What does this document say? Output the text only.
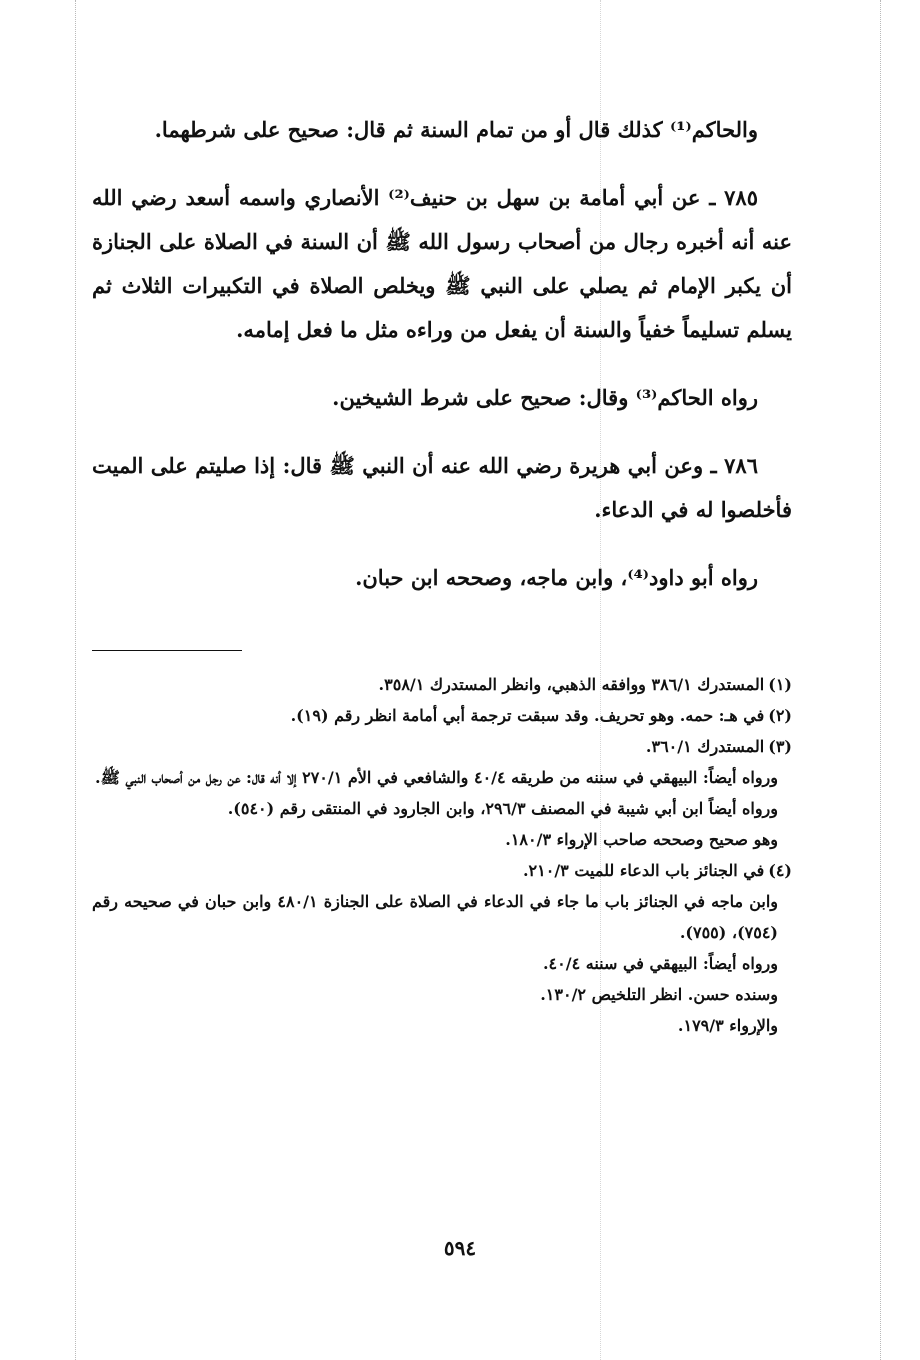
والحاكم⁽¹⁾ كذلك قال أو من تمام السنة ثم قال: صحيح على شرطهما.

٧٨٥ ـ عن أبي أمامة بن سهل بن حنيف⁽²⁾ الأنصاري واسمه أسعد رضي الله عنه أنه أخبره رجال من أصحاب رسول الله ﷺ أن السنة في الصلاة على الجنازة أن يكبر الإمام ثم يصلي على النبي ﷺ ويخلص الصلاة في التكبيرات الثلاث ثم يسلم تسليماً خفياً والسنة أن يفعل من وراءه مثل ما فعل إمامه.

رواه الحاكم⁽³⁾ وقال: صحيح على شرط الشيخين.

٧٨٦ ـ وعن أبي هريرة رضي الله عنه أن النبي ﷺ قال: إذا صليتم على الميت فأخلصوا له في الدعاء.

رواه أبو داود⁽⁴⁾، وابن ماجه، وصححه ابن حبان.

(١)المستدرك ٣٨٦/١ ووافقه الذهبي، وانظر المستدرك ٣٥٨/١.

(٢)في هـ: حمه. وهو تحريف. وقد سبقت ترجمة أبي أمامة انظر رقم (١٩).

(٣)المستدرك ٣٦٠/١.

ورواه أيضاً: البيهقي في سننه من طريقه ٤٠/٤ والشافعي في الأم ٢٧٠/١ إلا أنه قال: عن رجل من أصحاب النبي ﷺ.

ورواه أيضاً ابن أبي شيبة في المصنف ٢٩٦/٣، وابن الجارود في المنتقى رقم (٥٤٠).

وهو صحيح وصححه صاحب الإرواء ١٨٠/٣.

(٤)في الجنائز باب الدعاء للميت ٢١٠/٣.

وابن ماجه في الجنائز باب ما جاء في الدعاء في الصلاة على الجنازة ٤٨٠/١ وابن حبان في صحيحه رقم (٧٥٤)، (٧٥٥).

ورواه أيضاً: البيهقي في سننه ٤٠/٤.

وسنده حسن. انظر التلخيص ١٣٠/٢.

والإرواء ١٧٩/٣.

٥٩٤
